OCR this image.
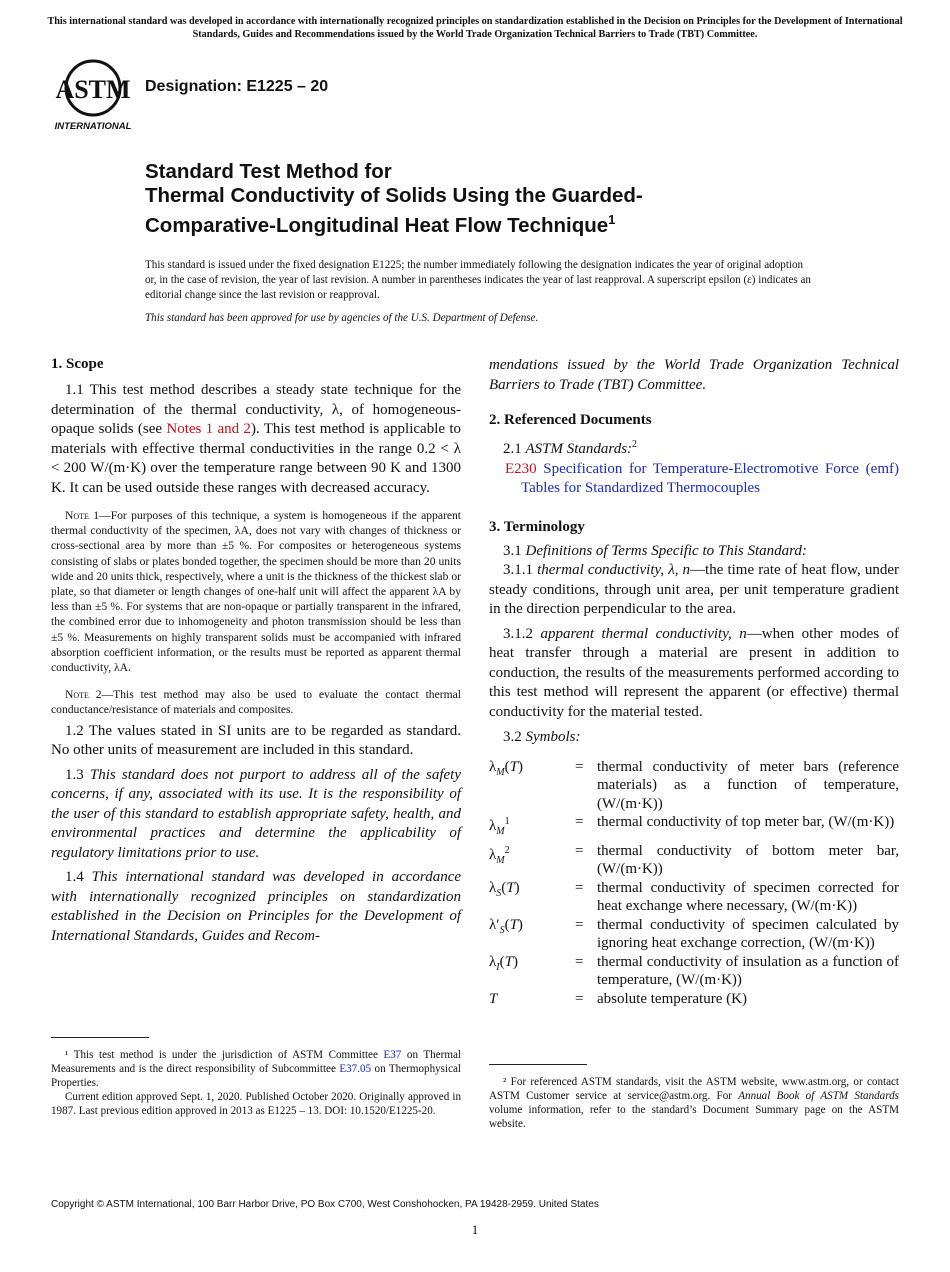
This international standard was developed in accordance with internationally recognized principles on standardization established in the Decision on Principles for the Development of International Standards, Guides and Recommendations issued by the World Trade Organization Technical Barriers to Trade (TBT) Committee.
ASTM
INTERNATIONAL
Designation: E1225 – 20
Standard Test Method for
Thermal Conductivity of Solids Using the Guarded-
Comparative-Longitudinal Heat Flow Technique$^1$
This standard is issued under the fixed designation E1225; the number immediately following the designation indicates the year of original adoption or, in the case of revision, the year of last revision. A number in parentheses indicates the year of last reapproval. A superscript epsilon (ε) indicates an editorial change since the last revision or reapproval.
This standard has been approved for use by agencies of the U.S. Department of Defense.

1. Scope

1.1 This test method describes a steady state technique for the determination of the thermal conductivity, λ, of homogeneous-opaque solids (see Notes 1 and 2). This test method is applicable to materials with effective thermal conductivities in the range 0.2 < λ < 200 W/(m·K) over the temperature range between 90 K and 1300 K. It can be used outside these ranges with decreased accuracy.

Note 1—For purposes of this technique, a system is homogeneous if the apparent thermal conductivity of the specimen, λA, does not vary with changes of thickness or cross-sectional area by more than ±5 %. For composites or heterogeneous systems consisting of slabs or plates bonded together, the specimen should be more than 20 units wide and 20 units thick, respectively, where a unit is the thickness of the thickest slab or plate, so that diameter or length changes of one-half unit will affect the apparent λA by less than ±5 %. For systems that are non-opaque or partially transparent in the infrared, the combined error due to inhomogeneity and photon transmission should be less than ±5 %. Measurements on highly transparent solids must be accompanied with infrared absorption coefficient information, or the results must be reported as apparent thermal conductivity, λA.

Note 2—This test method may also be used to evaluate the contact thermal conductance/resistance of materials and composites.

1.2 The values stated in SI units are to be regarded as standard. No other units of measurement are included in this standard.

1.3 This standard does not purport to address all of the safety concerns, if any, associated with its use. It is the responsibility of the user of this standard to establish appropriate safety, health, and environmental practices and determine the applicability of regulatory limitations prior to use.

1.4 This international standard was developed in accordance with internationally recognized principles on standardization established in the Decision on Principles for the Development of International Standards, Guides and Recom-

¹ This test method is under the jurisdiction of ASTM Committee E37 on Thermal Measurements and is the direct responsibility of Subcommittee E37.05 on Thermophysical Properties.

Current edition approved Sept. 1, 2020. Published October 2020. Originally approved in 1987. Last previous edition approved in 2013 as E1225 – 13. DOI: 10.1520/E1225-20.

mendations issued by the World Trade Organization Technical Barriers to Trade (TBT) Committee.

2. Referenced Documents

2.1 ASTM Standards:$^2$

E230 Specification for Temperature-Electromotive Force (emf) Tables for Standardized Thermocouples

3. Terminology

3.1 Definitions of Terms Specific to This Standard:

3.1.1 thermal conductivity, λ, n—the time rate of heat flow, under steady conditions, through unit area, per unit temperature gradient in the direction perpendicular to the area.

3.1.2 apparent thermal conductivity, n—when other modes of heat transfer through a material are present in addition to conduction, the results of the measurements performed according to this test method will represent the apparent (or effective) thermal conductivity for the material tested.

3.2 Symbols:

$\lambda_M(T)$	= thermal conductivity of meter bars (reference materials) as a function of temperature, (W/(m·K))
$\lambda_M^1$	= thermal conductivity of top meter bar, (W/(m·K))
$\lambda_M^2$	= thermal conductivity of bottom meter bar, (W/(m·K))
$\lambda_S(T)$	= thermal conductivity of specimen corrected for heat exchange where necessary, (W/(m·K))
$\lambda'_S(T)$	= thermal conductivity of specimen calculated by ignoring heat exchange correction, (W/(m·K))
$\lambda_I(T)$	= thermal conductivity of insulation as a function of temperature, (W/(m·K))
T	= absolute temperature (K)

² For referenced ASTM standards, visit the ASTM website, www.astm.org, or contact ASTM Customer service at service@astm.org. For Annual Book of ASTM Standards volume information, refer to the standard’s Document Summary page on the ASTM website.

Copyright © ASTM International, 100 Barr Harbor Drive, PO Box C700, West Conshohocken, PA 19428-2959. United States
1
